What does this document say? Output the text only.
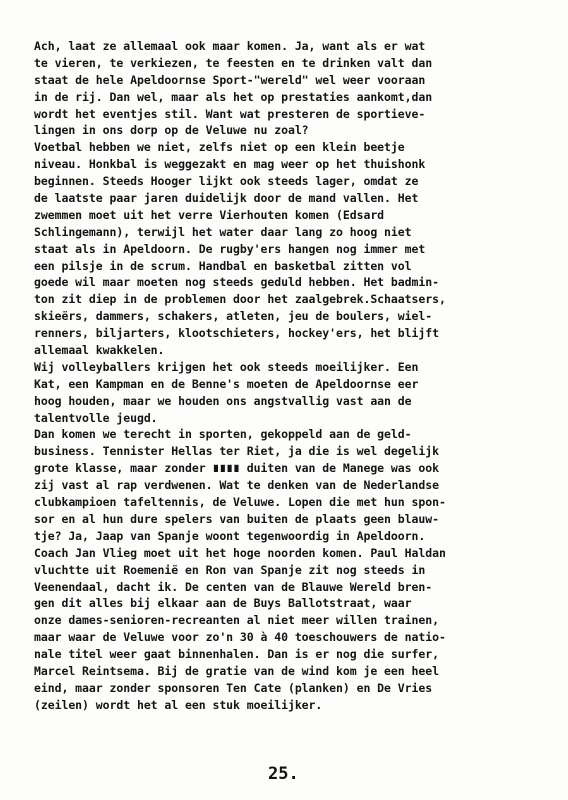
Ach, laat ze allemaal ook maar komen. Ja, want als er wat
te vieren, te verkiezen, te feesten en te drinken valt dan
staat de hele Apeldoornse Sport-"wereld" wel weer vooraan
in de rij. Dan wel, maar als het op prestaties aankomt,dan
wordt het eventjes stil. Want wat presteren de sportieve-
lingen in ons dorp op de Veluwe nu zoal?
Voetbal hebben we niet, zelfs niet op een klein beetje
niveau. Honkbal is weggezakt en mag weer op het thuishonk
beginnen. Steeds Hooger lijkt ook steeds lager, omdat ze
de laatste paar jaren duidelijk door de mand vallen. Het
zwemmen moet uit het verre Vierhouten komen (Edsard
Schlingemann), terwijl het water daar lang zo hoog niet
staat als in Apeldoorn. De rugby'ers hangen nog immer met
een pilsje in de scrum. Handbal en basketbal zitten vol
goede wil maar moeten nog steeds geduld hebben. Het badmin-
ton zit diep in de problemen door het zaalgebrek.Schaatsers,
skieërs, dammers, schakers, atleten, jeu de boulers, wiel-
renners, biljarters, klootschieters, hockey'ers, het blijft
allemaal kwakkelen.
Wij volleyballers krijgen het ook steeds moeilijker. Een
Kat, een Kampman en de Benne's moeten de Apeldoornse eer
hoog houden, maar we houden ons angstvallig vast aan de
talentvolle jeugd.
Dan komen we terecht in sporten, gekoppeld aan de geld-
business. Tennister Hellas ter Riet, ja die is wel degelijk
grote klasse, maar zonder ∎∎∎∎ duiten van de Manege was ook
zij vast al rap verdwenen. Wat te denken van de Nederlandse
clubkampioen tafeltennis, de Veluwe. Lopen die met hun spon-
sor en al hun dure spelers van buiten de plaats geen blauw-
tje? Ja, Jaap van Spanje woont tegenwoordig in Apeldoorn.
Coach Jan Vlieg moet uit het hoge noorden komen. Paul Haldan
vluchtte uit Roemenië en Ron van Spanje zit nog steeds in
Veenendaal, dacht ik. De centen van de Blauwe Wereld bren-
gen dit alles bij elkaar aan de Buys Ballotstraat, waar
onze dames-senioren-recreanten al niet meer willen trainen,
maar waar de Veluwe voor zo'n 30 à 40 toeschouwers de natio-
nale titel weer gaat binnenhalen. Dan is er nog die surfer,
Marcel Reintsema. Bij de gratie van de wind kom je een heel
eind, maar zonder sponsoren Ten Cate (planken) en De Vries
(zeilen) wordt het al een stuk moeilijker.
25.
